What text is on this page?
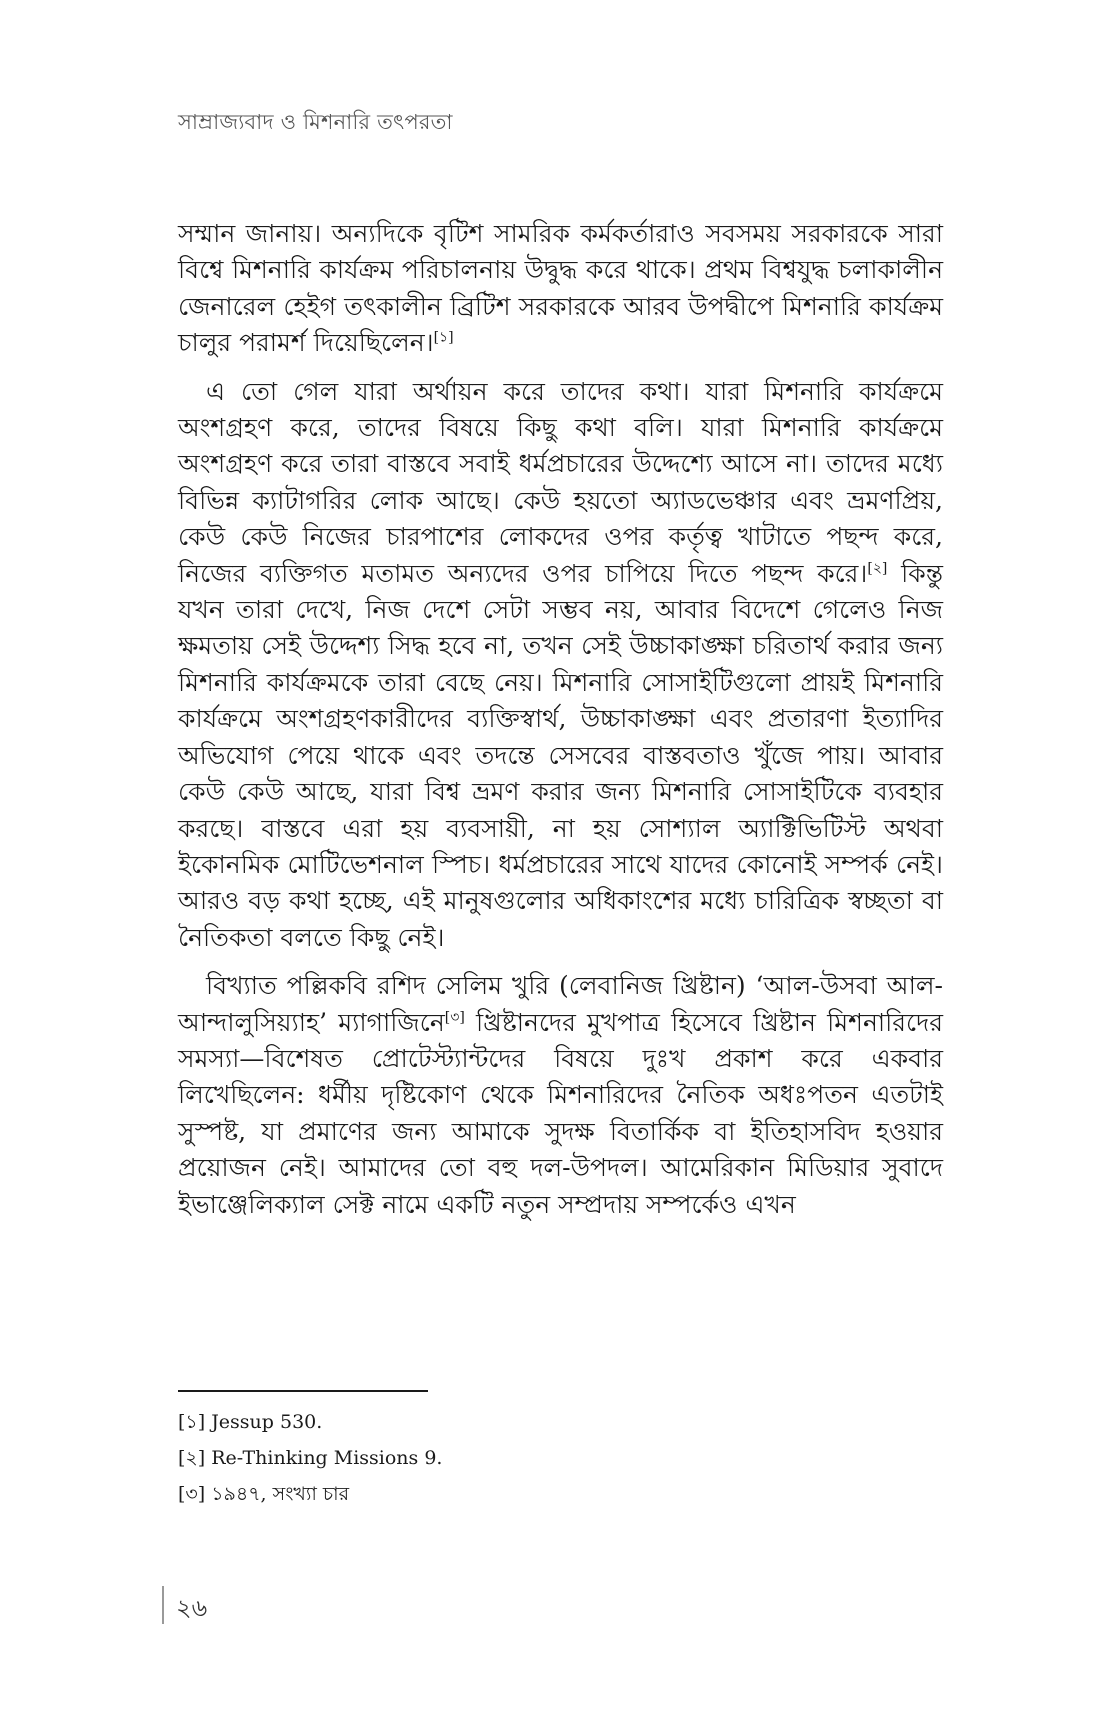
সাম্রাজ্যবাদ ও মিশনারি তৎপরতা

সম্মান জানায়। অন্যদিকে বৃটিশ সামরিক কর্মকর্তারাও সবসময় সরকারকে সারা বিশ্বে মিশনারি কার্যক্রম পরিচালনায় উদ্বুদ্ধ করে থাকে। প্রথম বিশ্বযুদ্ধ চলাকালীন জেনারেল হেইগ তৎকালীন ব্রিটিশ সরকারকে আরব উপদ্বীপে মিশনারি কার্যক্রম চালুর পরামর্শ দিয়েছিলেন।[১]

এ তো গেল যারা অর্থায়ন করে তাদের কথা। যারা মিশনারি কার্যক্রমে অংশগ্রহণ করে, তাদের বিষয়ে কিছু কথা বলি। যারা মিশনারি কার্যক্রমে অংশগ্রহণ করে তারা বাস্তবে সবাই ধর্মপ্রচারের উদ্দেশ্যে আসে না। তাদের মধ্যে বিভিন্ন ক্যাটাগরির লোক আছে। কেউ হয়তো অ্যাডভেঞ্চার এবং ভ্রমণপ্রিয়, কেউ কেউ নিজের চারপাশের লোকদের ওপর কর্তৃত্ব খাটাতে পছন্দ করে, নিজের ব্যক্তিগত মতামত অন্যদের ওপর চাপিয়ে দিতে পছন্দ করে।[২] কিন্তু যখন তারা দেখে, নিজ দেশে সেটা সম্ভব নয়, আবার বিদেশে গেলেও নিজ ক্ষমতায় সেই উদ্দেশ্য সিদ্ধ হবে না, তখন সেই উচ্চাকাঙ্ক্ষা চরিতার্থ করার জন্য মিশনারি কার্যক্রমকে তারা বেছে নেয়। মিশনারি সোসাইটিগুলো প্রায়ই মিশনারি কার্যক্রমে অংশগ্রহণকারীদের ব্যক্তিস্বার্থ, উচ্চাকাঙ্ক্ষা এবং প্রতারণা ইত্যাদির অভিযোগ পেয়ে থাকে এবং তদন্তে সেসবের বাস্তবতাও খুঁজে পায়। আবার কেউ কেউ আছে, যারা বিশ্ব ভ্রমণ করার জন্য মিশনারি সোসাইটিকে ব্যবহার করছে। বাস্তবে এরা হয় ব্যবসায়ী, না হয় সোশ্যাল অ্যাক্টিভিটিস্ট অথবা ইকোনমিক মোটিভেশনাল স্পিচ। ধর্মপ্রচারের সাথে যাদের কোনোই সম্পর্ক নেই। আরও বড় কথা হচ্ছে, এই মানুষগুলোর অধিকাংশের মধ্যে চারিত্রিক স্বচ্ছতা বা নৈতিকতা বলতে কিছু নেই।

বিখ্যাত পল্লিকবি রশিদ সেলিম খুরি (লেবানিজ খ্রিষ্টান) ‘আল-উসবা আল-আন্দালুসিয়্যাহ’ ম্যাগাজিনে[৩] খ্রিষ্টানদের মুখপাত্র হিসেবে খ্রিষ্টান মিশনারিদের সমস্যা—বিশেষত প্রোটেস্ট্যান্টদের বিষয়ে দুঃখ প্রকাশ করে একবার লিখেছিলেন: ধর্মীয় দৃষ্টিকোণ থেকে মিশনারিদের নৈতিক অধঃপতন এতটাই সুস্পষ্ট, যা প্রমাণের জন্য আমাকে সুদক্ষ বিতার্কিক বা ইতিহাসবিদ হওয়ার প্রয়োজন নেই। আমাদের তো বহু দল-উপদল। আমেরিকান মিডিয়ার সুবাদে ইভাঞ্জেলিক্যাল সেক্ট নামে একটি নতুন সম্প্রদায় সম্পর্কেও এখন

[১] Jessup 530.
[২] Re-Thinking Missions 9.
[৩] ১৯৪৭, সংখ্যা চার
২৬
